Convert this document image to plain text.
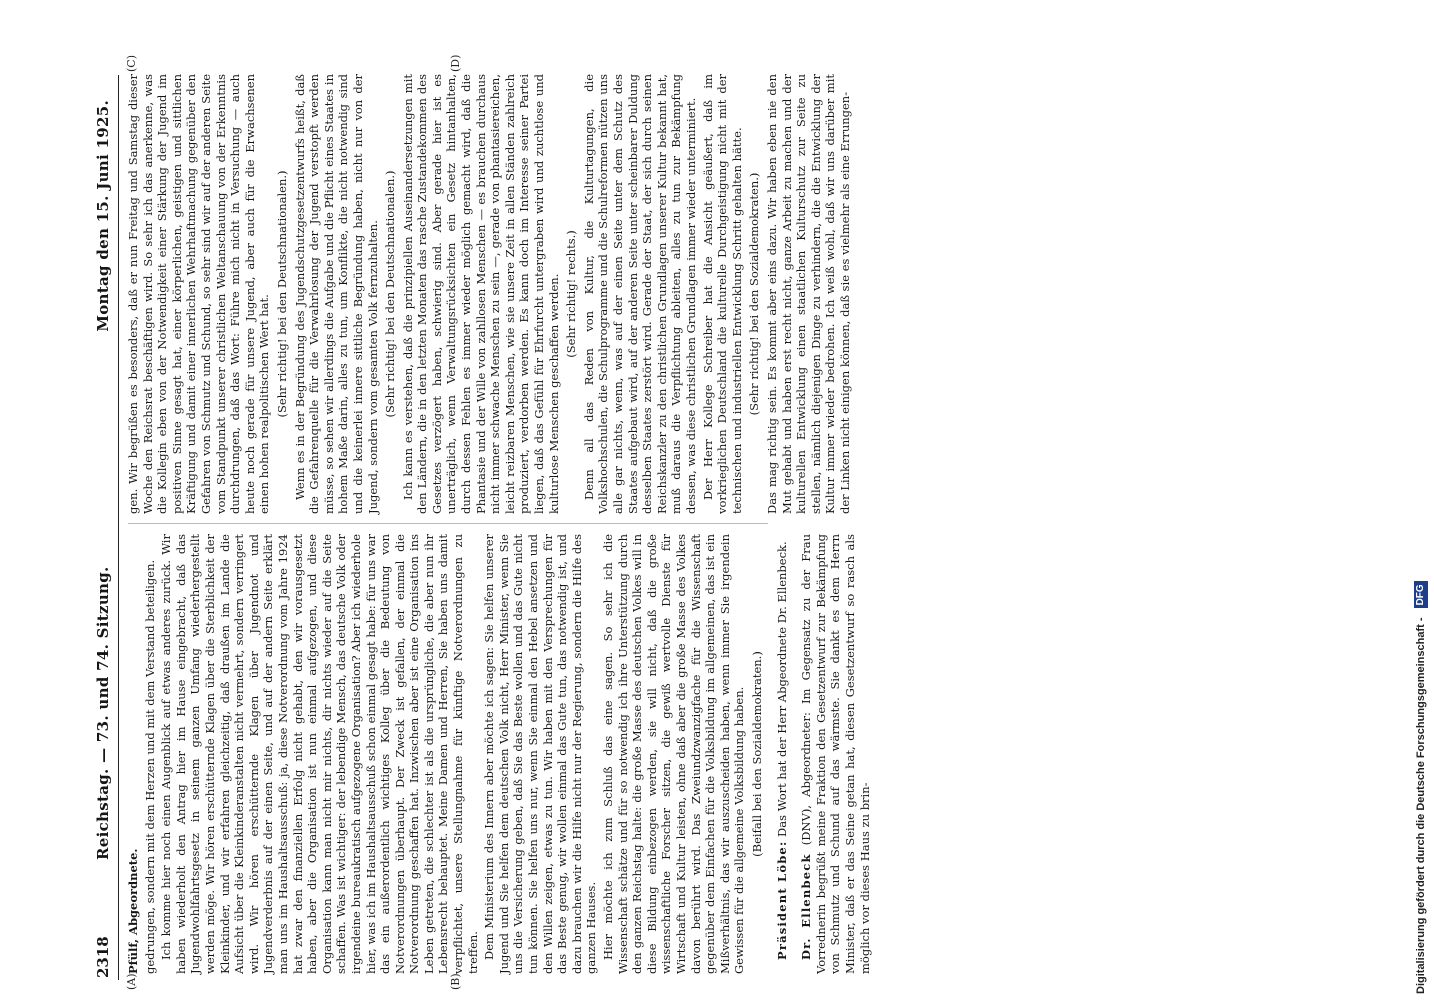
2318
Reichstag. — 73. und 74. Sitzung.
Montag den 15. Juni 1925.
(A)	(B)
(C)	(D)

Pfülf, Abgeordnete. gedrungen, sondern mit dem Herzen und mit dem Verstand beteiligen. Ich komme hier noch einen Augenblick auf etwas anderes zurück. Wir haben wiederholt den Antrag hier im Hause eingebracht, daß das Jugendwohlfahrtsgesetz in seinem ganzen Umfang wiederhergestellt werden möge. Wir hören erschütternde Klagen über die Sterblichkeit der Kleinkinder, und wir erfahren gleichzeitig, daß draußen im Lande die Aufsicht über die Kleinkinderanstalten nicht vermehrt, sondern verringert wird. Wir hören erschütternde Klagen über Jugendnot und Jugendverderbnis auf der einen Seite, und auf der andern Seite erklärt man uns im Haushaltsausschuß: ja, diese Notverordnung vom Jahre 1924 hat zwar den finanziellen Erfolg nicht gehabt, den wir vorausgesetzt haben, aber die Organisation ist nun einmal aufgezogen, und diese Organisation kann man nicht mir nichts, dir nichts wieder auf die Seite schaffen. Was ist wichtiger: der lebendige Mensch, das deutsche Volk oder irgendeine bureaukratisch aufgezogene Organisation? Aber ich wiederhole hier, was ich im Haushaltsausschuß schon einmal gesagt habe: für uns war das ein außerordentlich wichtiges Kolleg über die Bedeutung von Notverordnungen überhaupt. Der Zweck ist gefallen, der einmal die Notverordnung geschaffen hat. Inzwischen aber ist eine Organisation ins Leben getreten, die schlechter ist als die ursprüngliche, die aber nun ihr Lebensrecht behauptet. Meine Damen und Herren, Sie haben uns damit verpflichtet, unsere Stellungnahme für künftige Notverordnungen zu treffen. Dem Ministerium des Innern aber möchte ich sagen: Sie helfen unserer Jugend und Sie helfen dem deutschen Volk nicht, Herr Minister, wenn Sie uns die Versicherung geben, daß Sie das Beste wollen und das Gute nicht tun können. Sie helfen uns nur, wenn Sie einmal den Hebel ansetzen und den Willen zeigen, etwas zu tun. Wir haben mit den Versprechungen für das Beste genug, wir wollen einmal das Gute tun, das notwendig ist, und dazu brauchen wir die Hilfe nicht nur der Regierung, sondern die Hilfe des ganzen Hauses. Hier möchte ich zum Schluß das eine sagen. So sehr ich die Wissenschaft schätze und für so notwendig ich ihre Unterstützung durch den ganzen Reichstag halte: die große Masse des deutschen Volkes will in diese Bildung einbezogen werden, sie will nicht, daß die große wissenschaftliche Forscher sitzen, die gewiß wertvolle Dienste für Wirtschaft und Kultur leisten, ohne daß aber die große Masse des Volkes davon berührt wird. Das Zweiundzwanzigfache für die Wissenschaft gegenüber dem Einfachen für die Volksbildung im allgemeinen, das ist ein Mißverhältnis, das wir auszuscheiden haben, wenn immer Sie irgendein Gewissen für die allgemeine Volksbildung haben. (Beifall bei den Sozialdemokraten.)

Präsident Löbe: Das Wort hat der Herr Abgeordnete Dr. Ellenbeck.

Dr. Ellenbeck (DNV), Abgeordneter: Im Gegensatz zu der Frau Vorrednerin begrüßt meine Fraktion den Gesetzentwurf zur Bekämpfung von Schmutz und Schund auf das wärmste. Sie dankt es dem Herrn Minister, daß er das Seine getan hat, diesen Gesetzentwurf so rasch als möglich vor dieses Haus zu brin-

gen. Wir begrüßen es besonders, daß er nun Freitag und Samstag dieser Woche den Reichsrat beschäftigen wird. So sehr ich das anerkenne, was die Kollegin eben von der Notwendigkeit einer Stärkung der Jugend im positiven Sinne gesagt hat, einer körperlichen, geistigen und sittlichen Kräftigung und damit einer innerlichen Wehrhaftmachung gegenüber den Gefahren von Schmutz und Schund, so sehr sind wir auf der anderen Seite vom Standpunkt unserer christlichen Weltanschauung von der Erkenntnis durchdrungen, daß das Wort: Führe mich nicht in Versuchung — auch heute noch gerade für unsere Jugend, aber auch für die Erwachsenen einen hohen realpolitischen Wert hat. (Sehr richtig! bei den Deutschnationalen.) Wenn es in der Begründung des Jugendschutzgesetzentwurfs heißt, daß die Gefahrenquelle für die Verwahrlosung der Jugend verstopft werden müsse, so sehen wir allerdings die Aufgabe und die Pflicht eines Staates in hohem Maße darin, alles zu tun, um Konflikte, die nicht notwendig sind und die keinerlei innere sittliche Begründung haben, nicht nur von der Jugend, sondern vom gesamten Volk fernzuhalten. (Sehr richtig! bei den Deutschnationalen.) Ich kann es verstehen, daß die prinzipiellen Auseinandersetzungen mit den Ländern, die in den letzten Monaten das rasche Zustandekommen des Gesetzes verzögert haben, schwierig sind. Aber gerade hier ist es unerträglich, wenn Verwaltungsrücksichten ein Gesetz hintanhalten, durch dessen Fehlen es immer wieder möglich gemacht wird, daß die Phantasie und der Wille von zahllosen Menschen — es brauchen durchaus nicht immer schwache Menschen zu sein —, gerade von phantasiereichen, leicht reizbaren Menschen, wie sie unsere Zeit in allen Ständen zahlreich produziert, verdorben werden. Es kann doch im Interesse seiner Partei liegen, daß das Gefühl für Ehrfurcht untergraben wird und zuchtlose und kulturlose Menschen geschaffen werden. (Sehr richtig! rechts.) Denn all das Reden von Kultur, die Kulturtagungen, die Volkshochschulen, die Schulprogramme und die Schulreformen nützen uns alle gar nichts, wenn, was auf der einen Seite unter dem Schutz des Staates aufgebaut wird, auf der anderen Seite unter scheinbarer Duldung desselben Staates zerstört wird. Gerade der Staat, der sich durch seinen Reichskanzler zu den christlichen Grundlagen unserer Kultur bekannt hat, muß daraus die Verpflichtung ableiten, alles zu tun zur Bekämpfung dessen, was diese christlichen Grundlagen immer wieder unterminiert. Der Herr Kollege Schreiber hat die Ansicht geäußert, daß im vorkrieglichen Deutschland die kulturelle Durchgeistigung nicht mit der technischen und industriellen Entwicklung Schritt gehalten hätte. (Sehr richtig! bei den Sozialdemokraten.) Das mag richtig sein. Es kommt aber eins dazu. Wir haben eben nie den Mut gehabt und haben erst recht nicht, ganze Arbeit zu machen und der kulturellen Entwicklung einen staatlichen Kulturschutz zur Seite zu stellen, nämlich diejenigen Dinge zu verhindern, die die Entwicklung der Kultur immer wieder bedrohen. Ich weiß wohl, daß wir uns darüber mit der Linken nicht einigen können, daß sie es vielmehr als eine Errungen-

Digitalisierung gefördert durch die Deutsche Forschungsgemeinschaft - DFG
